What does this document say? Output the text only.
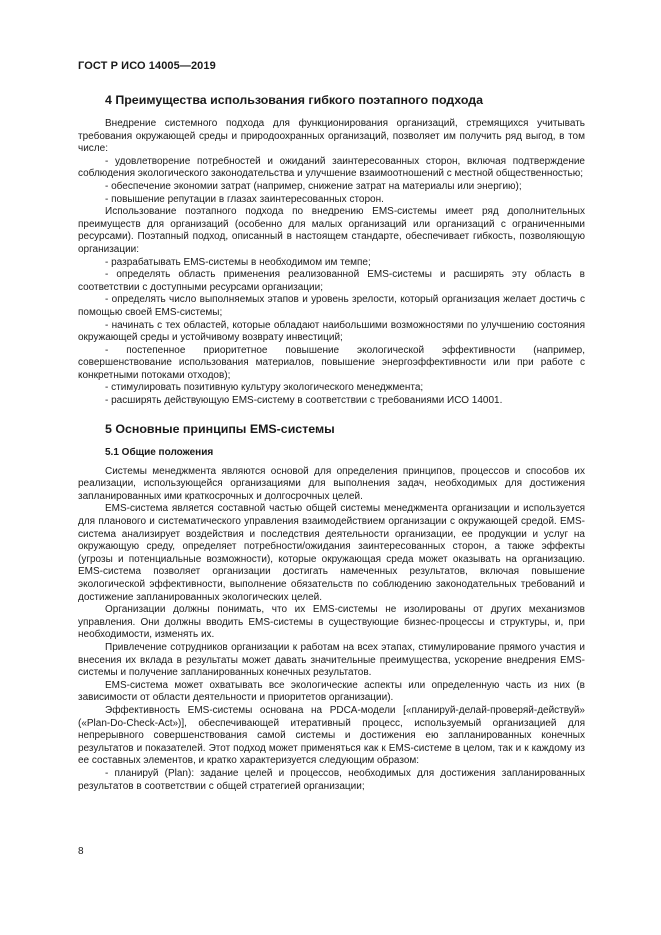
ГОСТ Р ИСО 14005—2019
4 Преимущества использования гибкого поэтапного подхода

Внедрение системного подхода для функционирования организаций, стремящихся учитывать требования окружающей среды и природоохранных организаций, позволяет им получить ряд выгод, в том числе:

- удовлетворение потребностей и ожиданий заинтересованных сторон, включая подтверждение соблюдения экологического законодательства и улучшение взаимоотношений с местной общественностью;

- обеспечение экономии затрат (например, снижение затрат на материалы или энергию);

- повышение репутации в глазах заинтересованных сторон.

Использование поэтапного подхода по внедрению EMS-системы имеет ряд дополнительных преимуществ для организаций (особенно для малых организаций или организаций с ограниченными ресурсами). Поэтапный подход, описанный в настоящем стандарте, обеспечивает гибкость, позволяющую организации:

- разрабатывать EMS-системы в необходимом им темпе;

- определять область применения реализованной EMS-системы и расширять эту область в соответствии с доступными ресурсами организации;

- определять число выполняемых этапов и уровень зрелости, который организация желает достичь с помощью своей EMS-системы;

- начинать с тех областей, которые обладают наибольшими возможностями по улучшению состояния окружающей среды и устойчивому возврату инвестиций;

- постепенное приоритетное повышение экологической эффективности (например, совершенствование использования материалов, повышение энергоэффективности или при работе с конкретными потоками отходов);

- стимулировать позитивную культуру экологического менеджмента;

- расширять действующую EMS-систему в соответствии с требованиями ИСО 14001.

5 Основные принципы EMS-системы
5.1 Общие положения

Системы менеджмента являются основой для определения принципов, процессов и способов их реализации, использующейся организациями для выполнения задач, необходимых для достижения запланированных ими краткосрочных и долгосрочных целей.

EMS-система является составной частью общей системы менеджмента организации и используется для планового и систематического управления взаимодействием организации с окружающей средой. EMS-система анализирует воздействия и последствия деятельности организации, ее продукции и услуг на окружающую среду, определяет потребности/ожидания заинтересованных сторон, а также эффекты (угрозы и потенциальные возможности), которые окружающая среда может оказывать на организацию. EMS-система позволяет организации достигать намеченных результатов, включая повышение экологической эффективности, выполнение обязательств по соблюдению законодательных требований и достижение запланированных экологических целей.

Организации должны понимать, что их EMS-системы не изолированы от других механизмов управления. Они должны вводить EMS-системы в существующие бизнес-процессы и структуры, и, при необходимости, изменять их.

Привлечение сотрудников организации к работам на всех этапах, стимулирование прямого участия и внесения их вклада в результаты может давать значительные преимущества, ускорение внедрения EMS-системы и получение запланированных конечных результатов.

EMS-система может охватывать все экологические аспекты или определенную часть из них (в зависимости от области деятельности и приоритетов организации).

Эффективность EMS-системы основана на PDCA-модели [«планируй-делай-проверяй-действуй» («Plan-Do-Check-Act»)], обеспечивающей итеративный процесс, используемый организацией для непрерывного совершенствования самой системы и достижения ею запланированных конечных результатов и показателей. Этот подход может применяться как к EMS-системе в целом, так и к каждому из ее составных элементов, и кратко характеризуется следующим образом:

- планируй (Plan): задание целей и процессов, необходимых для достижения запланированных результатов в соответствии с общей стратегией организации;

8
